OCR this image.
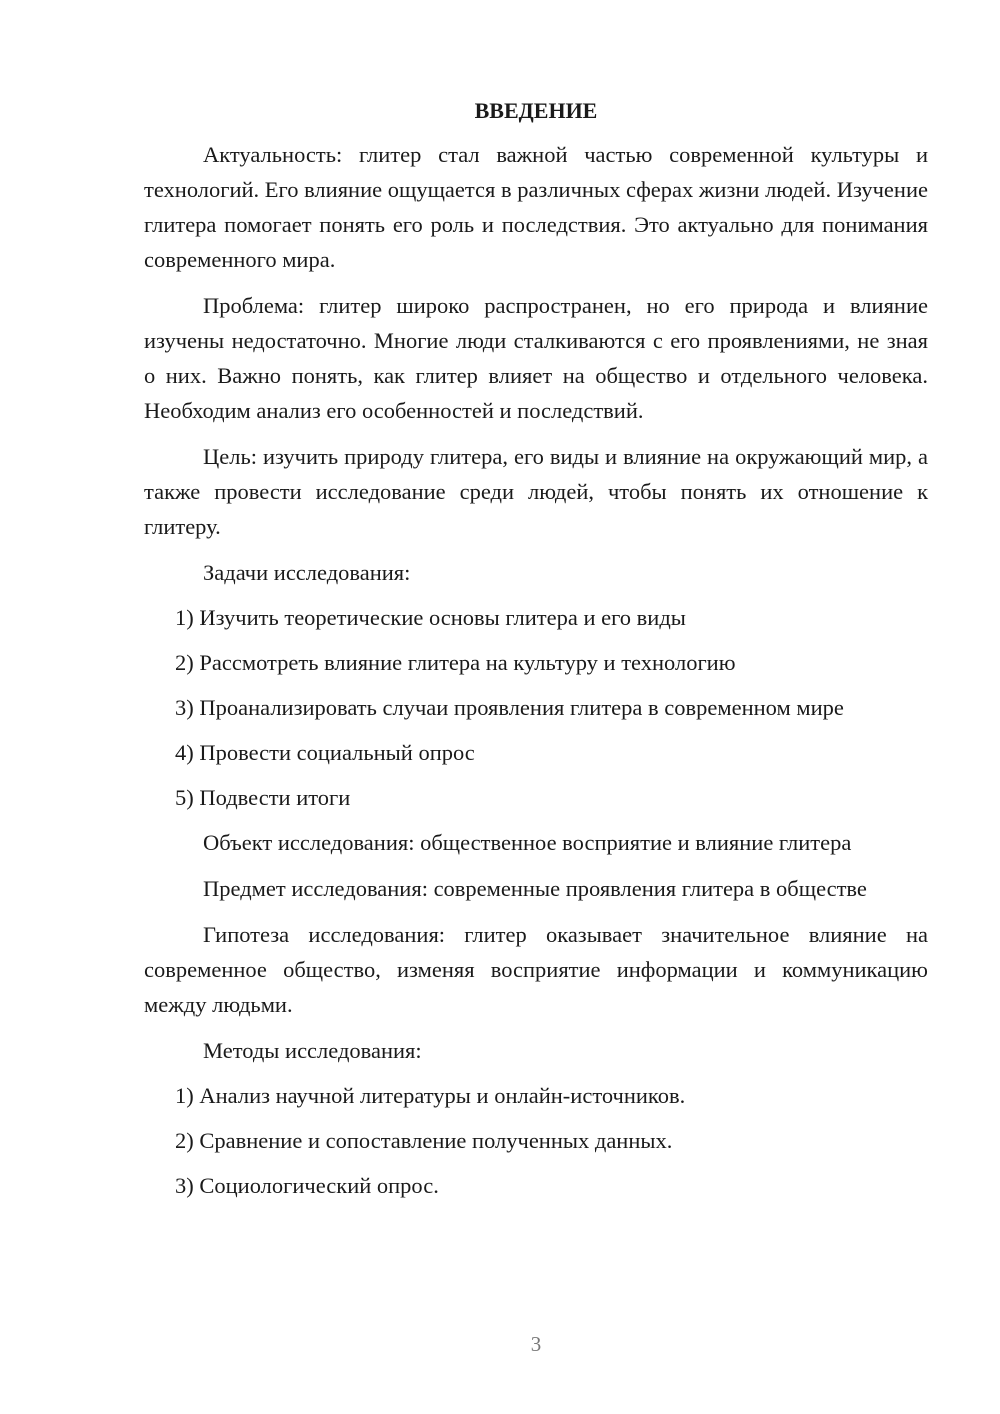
ВВЕДЕНИЕ
Актуальность: глитер стал важной частью современной культуры и технологий. Его влияние ощущается в различных сферах жизни людей. Изучение глитера помогает понять его роль и последствия. Это актуально для понимания современного мира.
Проблема: глитер широко распространен, но его природа и влияние изучены недостаточно. Многие люди сталкиваются с его проявлениями, не зная о них. Важно понять, как глитер влияет на общество и отдельного человека. Необходим анализ его особенностей и последствий.
Цель: изучить природу глитера, его виды и влияние на окружающий мир, а также провести исследование среди людей, чтобы понять их отношение к глитеру.
Задачи исследования:
1) Изучить теоретические основы глитера и его виды
2) Рассмотреть влияние глитера на культуру и технологию
3) Проанализировать случаи проявления глитера в современном мире
4) Провести социальный опрос
5) Подвести итоги
Объект исследования: общественное восприятие и влияние глитера
Предмет исследования: современные проявления глитера в обществе
Гипотеза исследования: глитер оказывает значительное влияние на современное общество, изменяя восприятие информации и коммуникацию между людьми.
Методы исследования:
1) Анализ научной литературы и онлайн-источников.
2) Сравнение и сопоставление полученных данных.
3) Социологический опрос.
3
